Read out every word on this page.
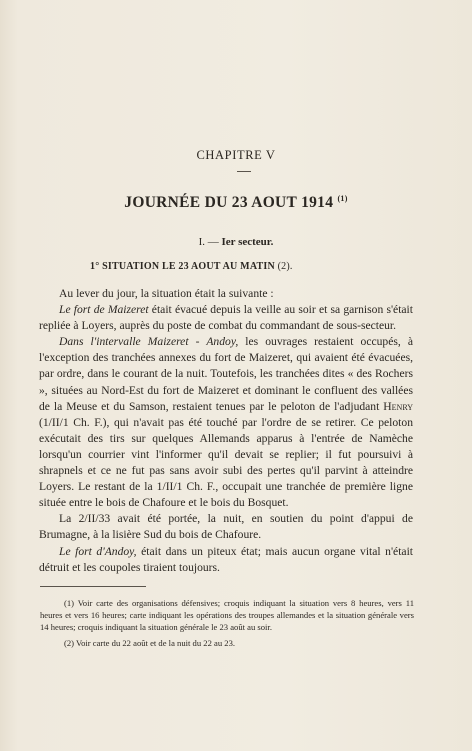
CHAPITRE V
JOURNÉE DU 23 AOUT 1914 $^{(1)}$
I. — Ier secteur.
1° SITUATION LE 23 AOUT AU MATIN (2).

Au lever du jour, la situation était la suivante :

Le fort de Maizeret était évacué depuis la veille au soir et sa garnison s'était repliée à Loyers, auprès du poste de combat du commandant de sous-secteur.

Dans l'intervalle Maizeret - Andoy, les ouvrages restaient occupés, à l'exception des tranchées annexes du fort de Maizeret, qui avaient été évacuées, par ordre, dans le courant de la nuit. Toutefois, les tranchées dites « des Rochers », situées au Nord-Est du fort de Maizeret et dominant le confluent des vallées de la Meuse et du Samson, restaient tenues par le peloton de l'adjudant Henry (1/II/1 Ch. F.), qui n'avait pas été touché par l'ordre de se retirer. Ce peloton exécutait des tirs sur quelques Allemands apparus à l'entrée de Namèche lorsqu'un courrier vint l'informer qu'il devait se replier; il fut poursuivi à shrapnels et ce ne fut pas sans avoir subi des pertes qu'il parvint à atteindre Loyers. Le restant de la 1/II/1 Ch. F., occupait une tranchée de première ligne située entre le bois de Chafoure et le bois du Bosquet.

La 2/II/33 avait été portée, la nuit, en soutien du point d'appui de Brumagne, à la lisière Sud du bois de Chafoure.

Le fort d'Andoy, était dans un piteux état; mais aucun organe vital n'était détruit et les coupoles tiraient toujours.

(1) Voir carte des organisations défensives; croquis indiquant la situation vers 8 heures, vers 11 heures et vers 16 heures; carte indiquant les opérations des troupes allemandes et la situation générale vers 14 heures; croquis indiquant la situation générale le 23 août au soir.

(2) Voir carte du 22 août et de la nuit du 22 au 23.
